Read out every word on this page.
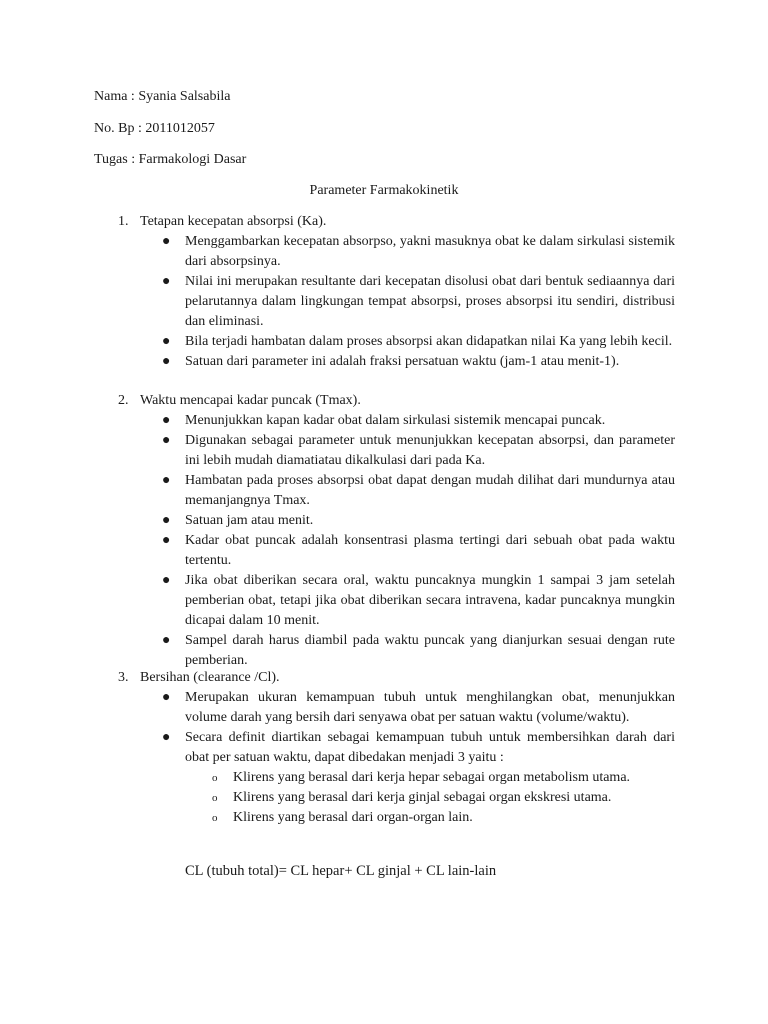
Nama : Syania Salsabila

No. Bp : 2011012057

Tugas : Farmakologi Dasar

Parameter Farmakokinetik

1. Tetapan kecepatan absorpsi (Ka).

● Menggambarkan kecepatan absorpso, yakni masuknya obat ke dalam sirkulasi sistemik dari absorpsinya.
● Nilai ini merupakan resultante dari kecepatan disolusi obat dari bentuk sediaannya dari pelarutannya dalam lingkungan tempat absorpsi, proses absorpsi itu sendiri, distribusi dan eliminasi.
● Bila terjadi hambatan dalam proses absorpsi akan didapatkan nilai Ka yang lebih kecil.
● Satuan dari parameter ini adalah fraksi persatuan waktu (jam-1 atau menit-1).

2. Waktu mencapai kadar puncak (Tmax).

● Menunjukkan kapan kadar obat dalam sirkulasi sistemik mencapai puncak.
● Digunakan sebagai parameter untuk menunjukkan kecepatan absorpsi, dan parameter ini lebih mudah diamatiatau dikalkulasi dari pada Ka.
● Hambatan pada proses absorpsi obat dapat dengan mudah dilihat dari mundurnya atau memanjangnya Tmax.
● Satuan jam atau menit.
● Kadar obat puncak adalah konsentrasi plasma tertingi dari sebuah obat pada waktu tertentu.
● Jika obat diberikan secara oral, waktu puncaknya mungkin 1 sampai 3 jam setelah pemberian obat, tetapi jika obat diberikan secara intravena, kadar puncaknya mungkin dicapai dalam 10 menit.
● Sampel darah harus diambil pada waktu puncak yang dianjurkan sesuai dengan rute pemberian.

3. Bersihan (clearance /Cl).

● Merupakan ukuran kemampuan tubuh untuk menghilangkan obat, menunjukkan volume darah yang bersih dari senyawa obat per satuan waktu (volume/waktu).
● Secara definit diartikan sebagai kemampuan tubuh untuk membersihkan darah dari obat per satuan waktu, dapat dibedakan menjadi 3 yaitu :
o Klirens yang berasal dari kerja hepar sebagai organ metabolism utama.
o Klirens yang berasal dari kerja ginjal sebagai organ ekskresi utama.
o Klirens yang berasal dari organ-organ lain.

CL (tubuh total)= CL hepar+ CL ginjal + CL lain-lain
